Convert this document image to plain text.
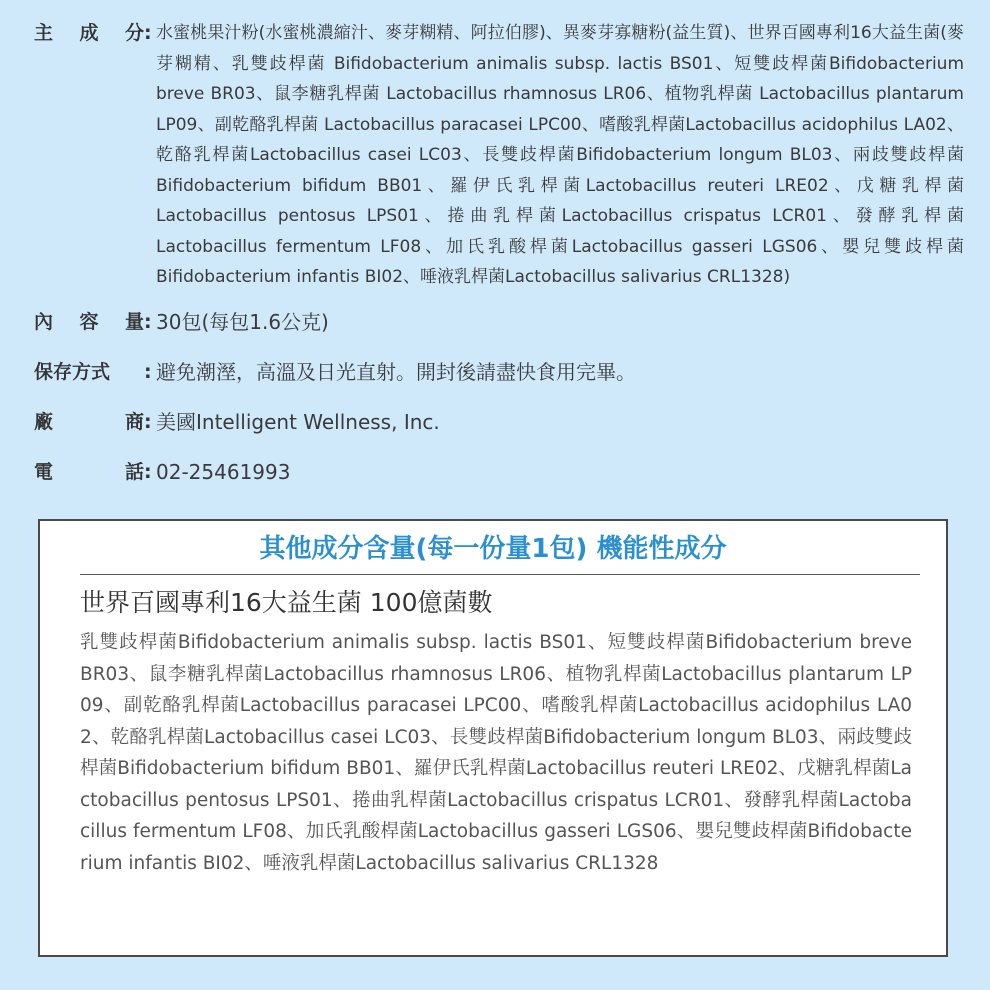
主 成 分 : 水蜜桃果汁粉(水蜜桃濃縮汁、麥芽糊精、阿拉伯膠)、異麥芽寡糖粉(益生質)、世界百國專利16大益生菌(麥芽糊精、乳雙歧桿菌 Bifidobacterium animalis subsp. lactis BS01、短雙歧桿菌Bifidobacterium breve BR03、鼠李糖乳桿菌 Lactobacillus rhamnosus LR06、植物乳桿菌 Lactobacillus plantarum LP09、副乾酪乳桿菌 Lactobacillus paracasei LPC00、嗜酸乳桿菌Lactobacillus acidophilus LA02、乾酪乳桿菌Lactobacillus casei LC03、長雙歧桿菌Bifidobacterium longum BL03、兩歧雙歧桿菌 Bifidobacterium bifidum BB01、羅伊氏乳桿菌Lactobacillus reuteri LRE02、戊糖乳桿菌 Lactobacillus pentosus LPS01、捲曲乳桿菌Lactobacillus crispatus LCR01、發酵乳桿菌 Lactobacillus fermentum LF08、加氏乳酸桿菌Lactobacillus gasseri LGS06、嬰兒雙歧桿菌 Bifidobacterium infantis BI02、唾液乳桿菌Lactobacillus salivarius CRL1328)
內 容 量 : 30包(每包1.6公克)
保存方式 : 避免潮溼，高溫及日光直射。開封後請盡快食用完畢。
廠	商 : 美國Intelligent Wellness, Inc.
電	話 : 02-25461993
其他成分含量(每一份量1包) 機能性成分
世界百國專利16大益生菌 100億菌數
乳雙歧桿菌Bifidobacterium animalis subsp. lactis BS01、短雙歧桿菌Bifidobacterium breve BR03、鼠李糖乳桿菌Lactobacillus rhamnosus LR06、植物乳桿菌Lactobacillus plantarum LP09、副乾酪乳桿菌Lactobacillus paracasei LPC00、嗜酸乳桿菌Lactobacillus acidophilus LA02、乾酪乳桿菌Lactobacillus casei LC03、長雙歧桿菌Bifidobacterium longum BL03、兩歧雙歧桿菌Bifidobacterium bifidum BB01、羅伊氏乳桿菌Lactobacillus reuteri LRE02、戊糖乳桿菌Lactobacillus pentosus LPS01、捲曲乳桿菌Lactobacillus crispatus LCR01、發酵乳桿菌Lactobacillus fermentum LF08、加氏乳酸桿菌Lactobacillus gasseri LGS06、嬰兒雙歧桿菌Bifidobacterium infantis BI02、唾液乳桿菌Lactobacillus salivarius CRL1328
